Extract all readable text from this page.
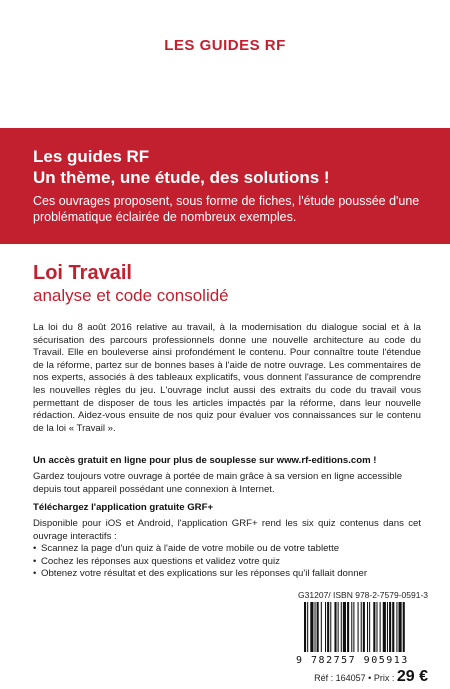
LES GUIDES RF
Les guides RF
Un thème, une étude, des solutions !
Ces ouvrages proposent, sous forme de fiches, l'étude poussée d'une problématique éclairée de nombreux exemples.
Loi Travail
analyse et code consolidé
La loi du 8 août 2016 relative au travail, à la modernisation du dialogue social et à la sécurisation des parcours professionnels donne une nouvelle architecture au code du Travail. Elle en bouleverse ainsi profondément le contenu. Pour connaître toute l'étendue de la réforme, partez sur de bonnes bases à l'aide de notre ouvrage. Les commentaires de nos experts, associés à des tableaux explicatifs, vous donnent l'assurance de comprendre les nouvelles règles du jeu. L'ouvrage inclut aussi des extraits du code du travail vous permettant de disposer de tous les articles impactés par la réforme, dans leur nouvelle rédaction. Aidez-vous ensuite de nos quiz pour évaluer vos connaissances sur le contenu de la loi « Travail ».
Un accès gratuit en ligne pour plus de souplesse sur www.rf-editions.com !
Gardez toujours votre ouvrage à portée de main grâce à sa version en ligne accessible depuis tout appareil possédant une connexion à Internet.
Téléchargez l'application gratuite GRF+
Disponible pour iOS et Android, l'application GRF+ rend les six quiz contenus dans cet ouvrage interactifs :
• Scannez la page d'un quiz à l'aide de votre mobile ou de votre tablette
• Cochez les réponses aux questions et validez votre quiz
• Obtenez votre résultat et des explications sur les réponses qu'il fallait donner
G31207/ ISBN 978-2-7579-0591-3
9 782757 905913
Réf : 164057 • Prix : 29 €
